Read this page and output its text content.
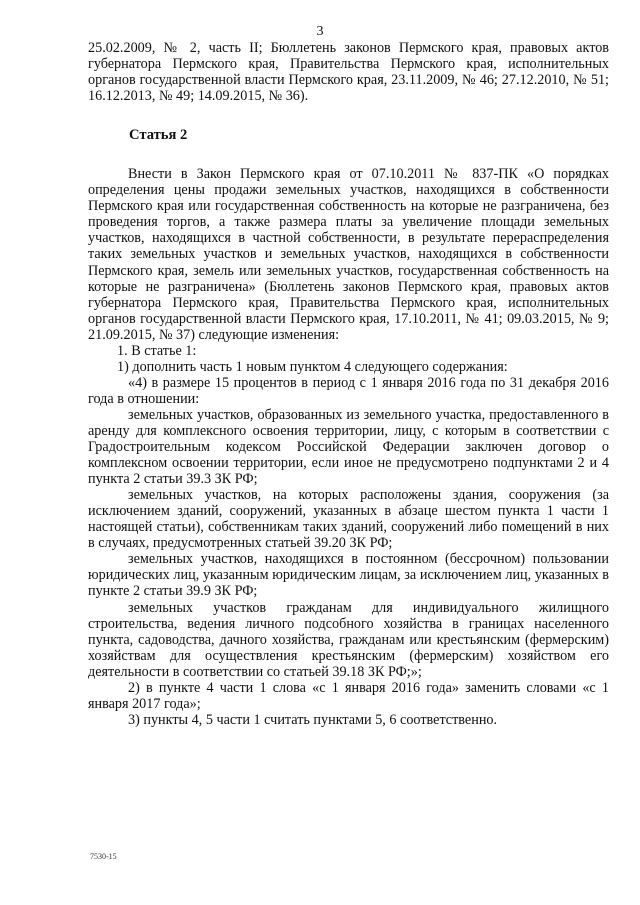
3

25.02.2009, № 2, часть II; Бюллетень законов Пермского края, правовых актов губернатора Пермского края, Правительства Пермского края, исполнительных органов государственной власти Пермского края, 23.11.2009, № 46; 27.12.2010, № 51; 16.12.2013, № 49; 14.09.2015, № 36).

Статья 2

Внести в Закон Пермского края от 07.10.2011 № 837-ПК «О порядках определения цены продажи земельных участков, находящихся в собственности Пермского края или государственная собственность на которые не разграничена, без проведения торгов, а также размера платы за увеличение площади земельных участков, находящихся в частной собственности, в результате перераспределения таких земельных участков и земельных участков, находящихся в собственности Пермского края, земель или земельных участков, государственная собственность на которые не разграничена» (Бюллетень законов Пермского края, правовых актов губернатора Пермского края, Правительства Пермского края, исполнительных органов государственной власти Пермского края, 17.10.2011, № 41; 09.03.2015, № 9; 21.09.2015, № 37) следующие изменения:

1. В статье 1:

1) дополнить часть 1 новым пунктом 4 следующего содержания:

«4) в размере 15 процентов в период с 1 января 2016 года по 31 декабря 2016 года в отношении:

земельных участков, образованных из земельного участка, предоставленного в аренду для комплексного освоения территории, лицу, с которым в соответствии с Градостроительным кодексом Российской Федерации заключен договор о комплексном освоении территории, если иное не предусмотрено подпунктами 2 и 4 пункта 2 статьи 39.3 ЗК РФ;

земельных участков, на которых расположены здания, сооружения (за исключением зданий, сооружений, указанных в абзаце шестом пункта 1 части 1 настоящей статьи), собственникам таких зданий, сооружений либо помещений в них в случаях, предусмотренных статьей 39.20 ЗК РФ;

земельных участков, находящихся в постоянном (бессрочном) пользовании юридических лиц, указанным юридическим лицам, за исключением лиц, указанных в пункте 2 статьи 39.9 ЗК РФ;

земельных участков гражданам для индивидуального жилищного строительства, ведения личного подсобного хозяйства в границах населенного пункта, садоводства, дачного хозяйства, гражданам или крестьянским (фермерским) хозяйствам для осуществления крестьянским (фермерским) хозяйством его деятельности в соответствии со статьей 39.18 ЗК РФ;»;

2) в пункте 4 части 1 слова «с 1 января 2016 года» заменить словами «с 1 января 2017 года»;

3) пункты 4, 5 части 1 считать пунктами 5, 6 соответственно.

7530-15
